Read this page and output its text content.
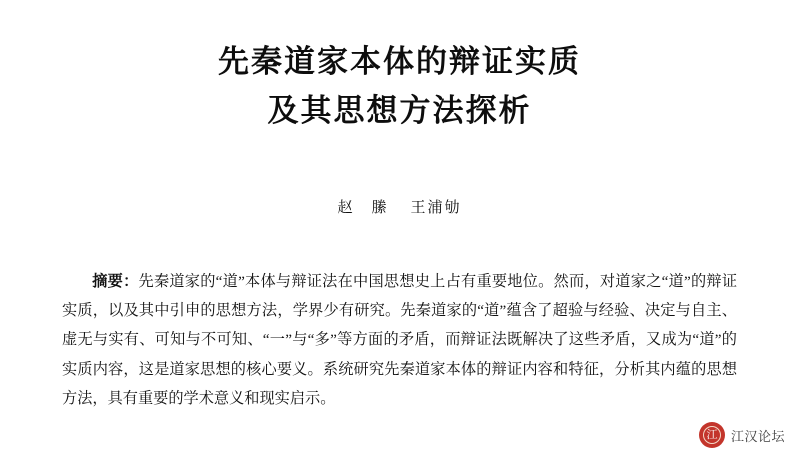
先秦道家本体的辩证实质
及其思想方法探析
赵　縢 王浦劬
摘要：先秦道家的“道”本体与辩证法在中国思想史上占有重要地位。然而，对道家之“道”的辩证实质，以及其中引申的思想方法，学界少有研究。先秦道家的“道”蕴含了超验与经验、决定与自主、虚无与实有、可知与不可知、“一”与“多”等方面的矛盾，而辩证法既解决了这些矛盾，又成为“道”的实质内容，这是道家思想的核心要义。系统研究先秦道家本体的辩证内容和特征，分析其内蕴的思想方法，具有重要的学术意义和现实启示。
江	江汉论坛
